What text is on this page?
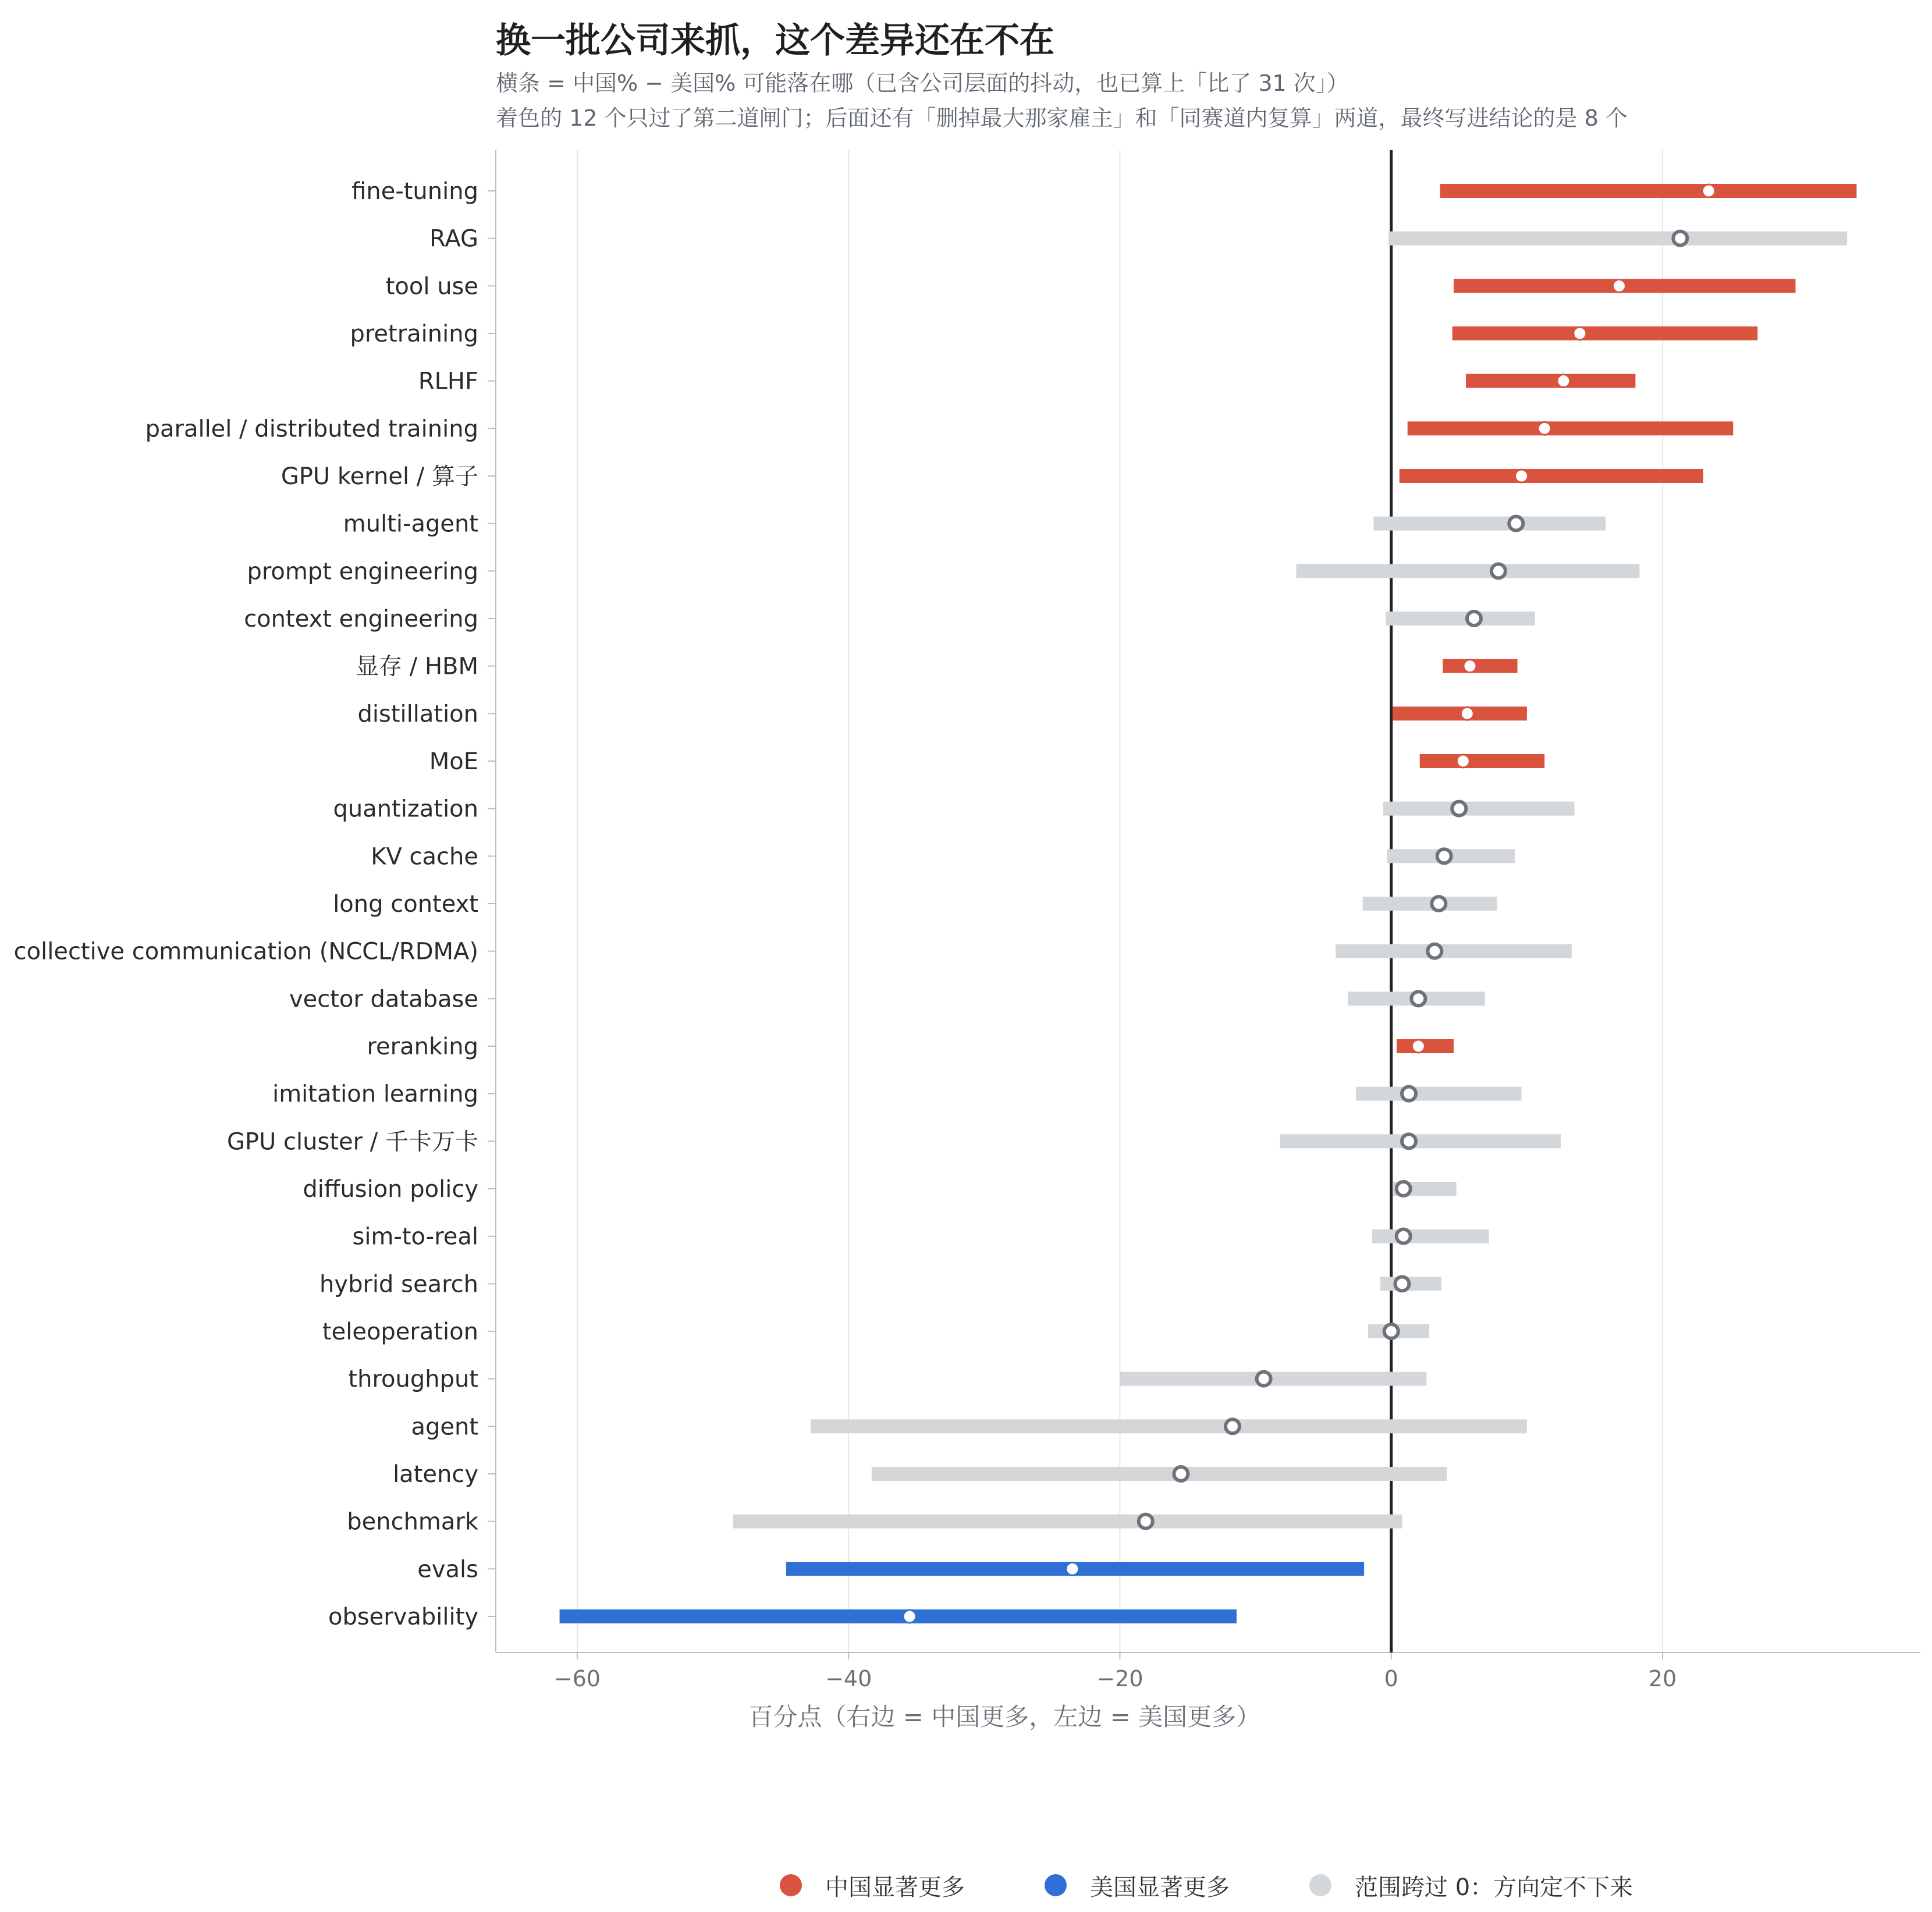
换一批公司来抓，这个差异还在不在
横条 = 中国% − 美国% 可能落在哪（已含公司层面的抖动，也已算上「比了 31 次」）
着色的 12 个只过了第二道闸门；后面还有「删掉最大那家雇主」和「同赛道内复算」两道，最终写进结论的是 8 个
−60	−40	−20	0	20
百分点（右边 = 中国更多，左边 = 美国更多）
fine-tuning
RAG
tool use
pretraining
RLHF
parallel / distributed training
GPU kernel / 算子
multi-agent
prompt engineering
context engineering
显存 / HBM
distillation
MoE
quantization
KV cache
long context
collective communication (NCCL/RDMA)
vector database
reranking
imitation learning
GPU cluster / 千卡万卡
diffusion policy
sim-to-real
hybrid search
teleoperation
throughput
agent
latency
benchmark
evals
observability
中国显著更多	美国显著更多	范围跨过 0：方向定不下来
